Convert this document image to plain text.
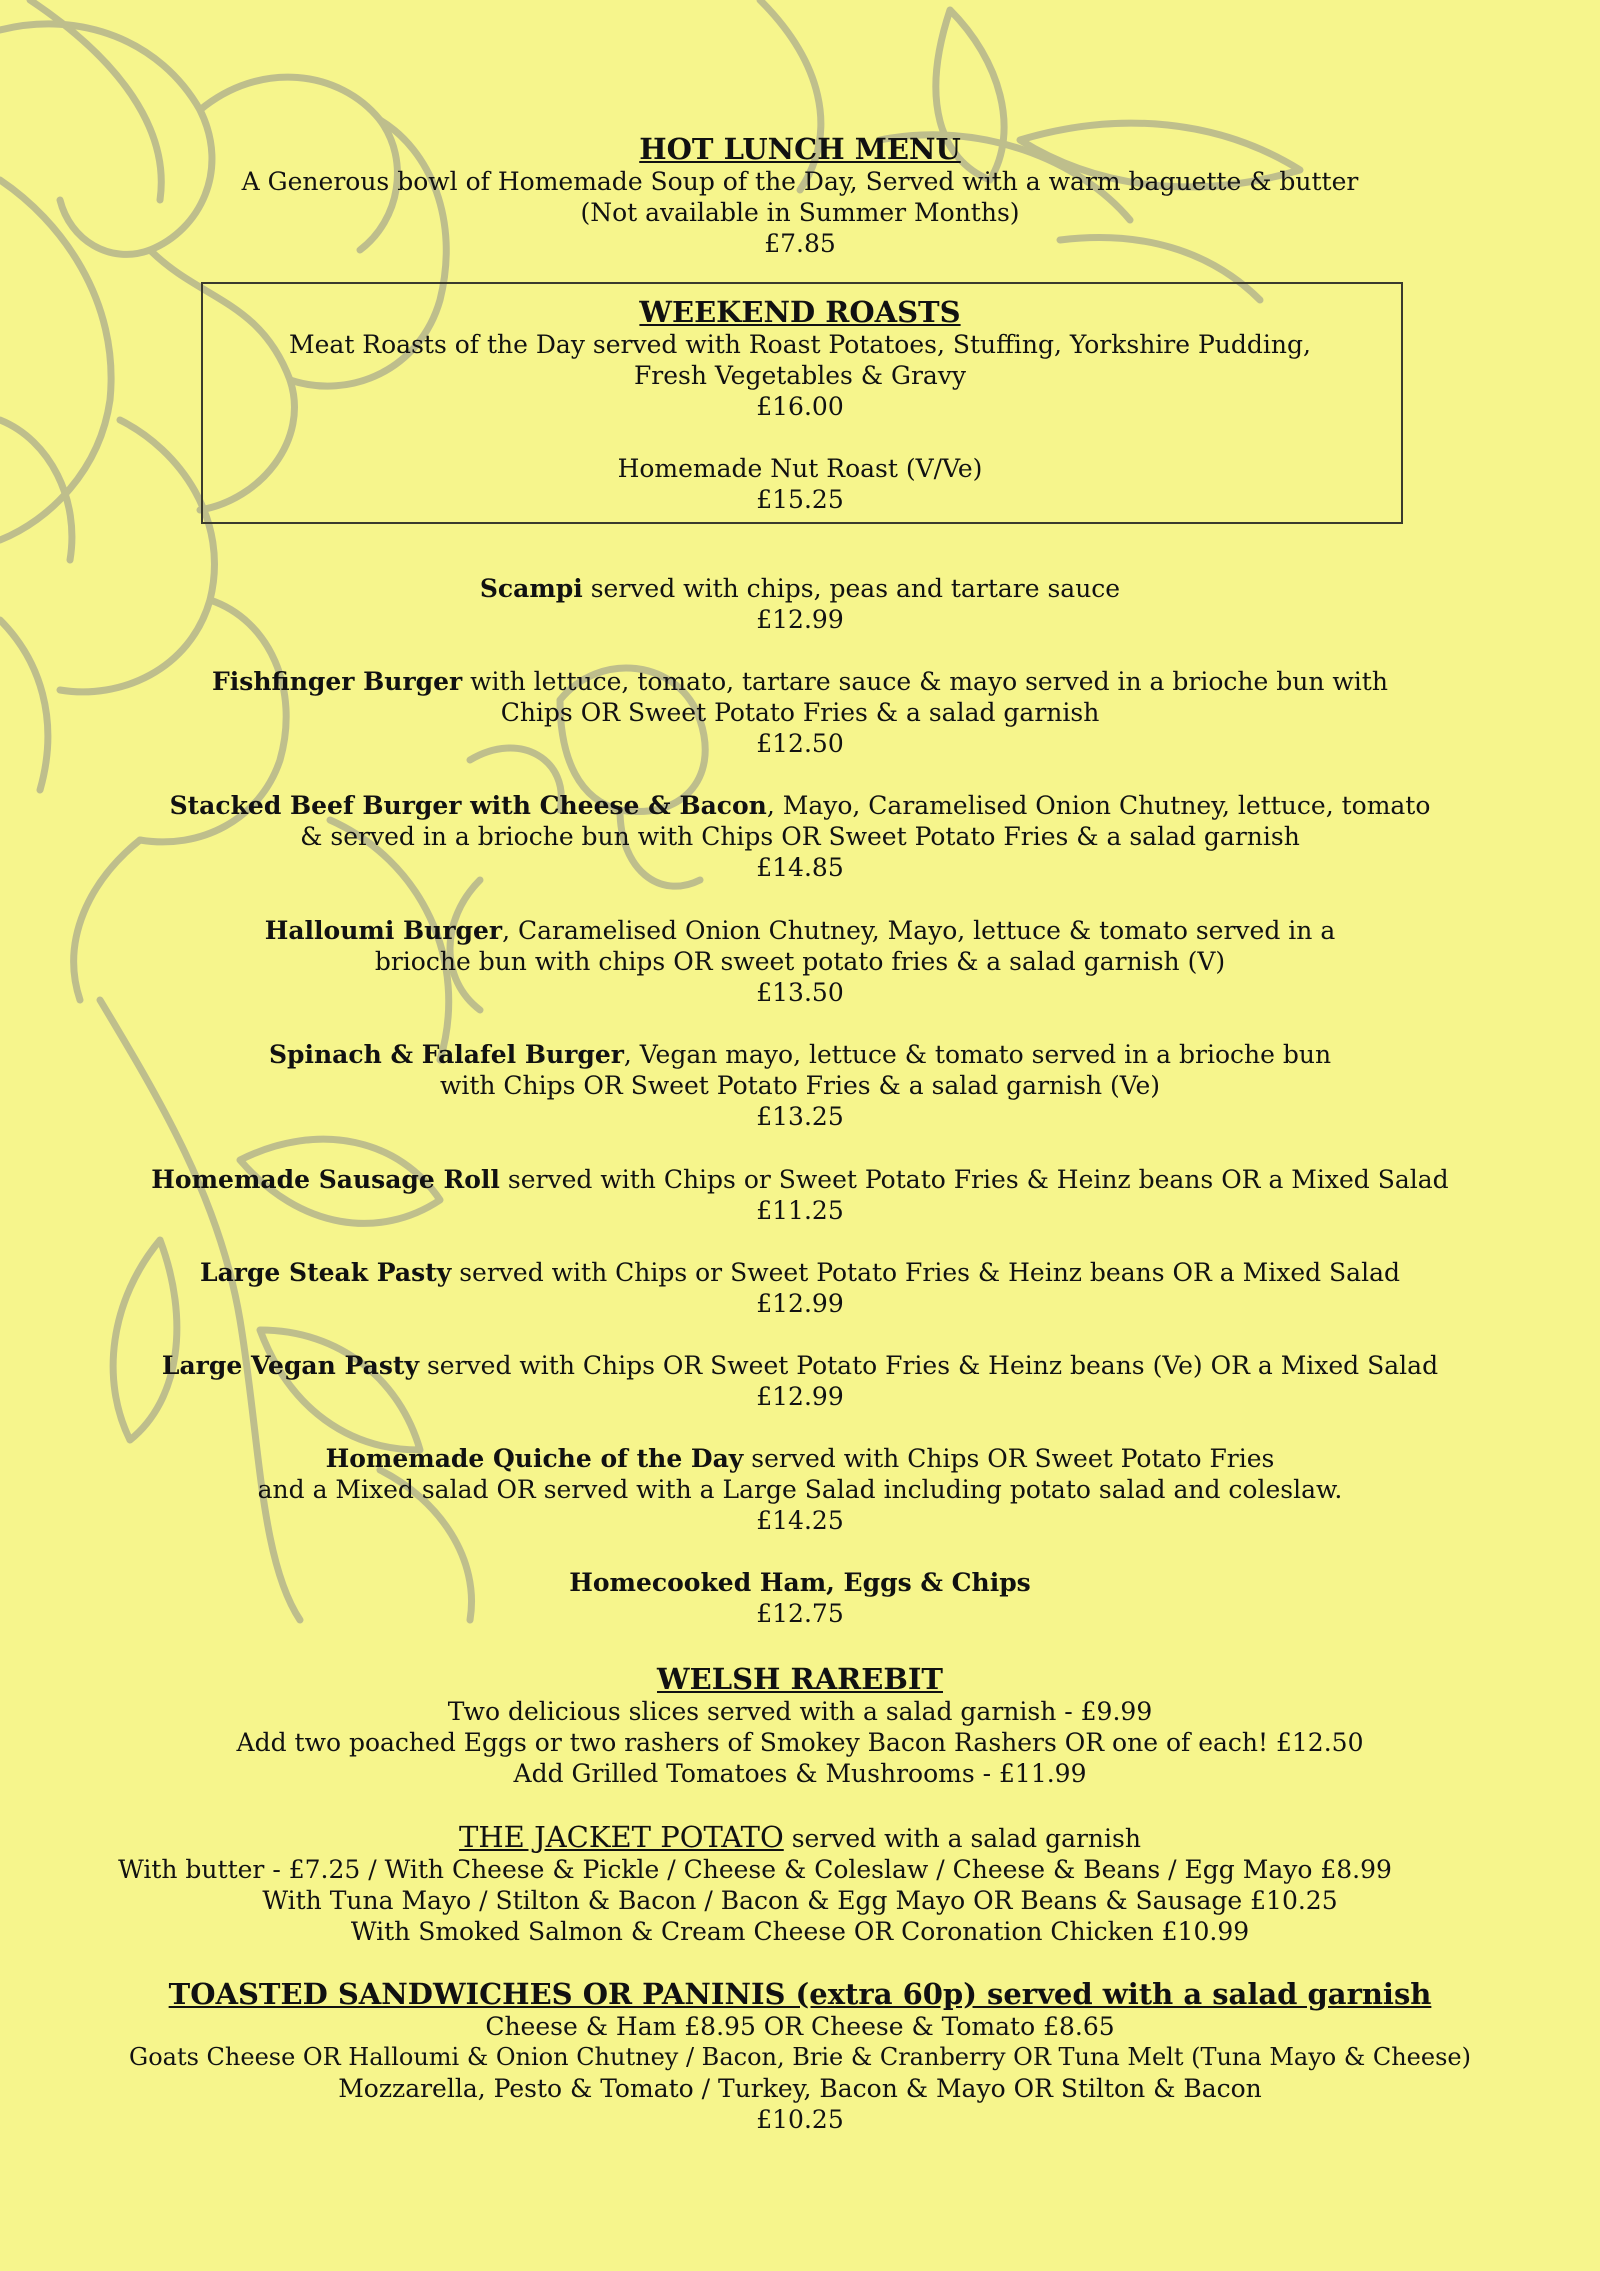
HOT LUNCH MENU
A Generous bowl of Homemade Soup of the Day, Served with a warm baguette & butter
(Not available in Summer Months)
£7.85
WEEKEND ROASTS
Meat Roasts of the Day served with Roast Potatoes, Stuffing, Yorkshire Pudding,
Fresh Vegetables & Gravy
£16.00
Homemade Nut Roast (V/Ve)
£15.25
Scampi served with chips, peas and tartare sauce
£12.99
Fishfinger Burger with lettuce, tomato, tartare sauce & mayo served in a brioche bun with
Chips OR Sweet Potato Fries & a salad garnish
£12.50
Stacked Beef Burger with Cheese & Bacon, Mayo, Caramelised Onion Chutney, lettuce, tomato
& served in a brioche bun with Chips OR Sweet Potato Fries & a salad garnish
£14.85
Halloumi Burger, Caramelised Onion Chutney, Mayo, lettuce & tomato served in a
brioche bun with chips OR sweet potato fries & a salad garnish (V)
£13.50
Spinach & Falafel Burger, Vegan mayo, lettuce & tomato served in a brioche bun
with Chips OR Sweet Potato Fries & a salad garnish (Ve)
£13.25
Homemade Sausage Roll served with Chips or Sweet Potato Fries & Heinz beans OR a Mixed Salad
£11.25
Large Steak Pasty served with Chips or Sweet Potato Fries & Heinz beans OR a Mixed Salad
£12.99
Large Vegan Pasty served with Chips OR Sweet Potato Fries & Heinz beans (Ve) OR a Mixed Salad
£12.99
Homemade Quiche of the Day served with Chips OR Sweet Potato Fries
and a Mixed salad OR served with a Large Salad including potato salad and coleslaw.
£14.25
Homecooked Ham, Eggs & Chips
£12.75
WELSH RAREBIT
Two delicious slices served with a salad garnish - £9.99
Add two poached Eggs or two rashers of Smokey Bacon Rashers OR one of each! £12.50
Add Grilled Tomatoes & Mushrooms - £11.99
THE JACKET POTATO served with a salad garnish
With butter - £7.25 / With Cheese & Pickle / Cheese & Coleslaw / Cheese & Beans / Egg Mayo £8.99
With Tuna Mayo / Stilton & Bacon / Bacon & Egg Mayo OR Beans & Sausage £10.25
With Smoked Salmon & Cream Cheese OR Coronation Chicken £10.99
TOASTED SANDWICHES OR PANINIS (extra 60p) served with a salad garnish
Cheese & Ham £8.95 OR Cheese & Tomato £8.65
Goats Cheese OR Halloumi & Onion Chutney / Bacon, Brie & Cranberry OR Tuna Melt (Tuna Mayo & Cheese)
Mozzarella, Pesto & Tomato / Turkey, Bacon & Mayo OR Stilton & Bacon
£10.25
